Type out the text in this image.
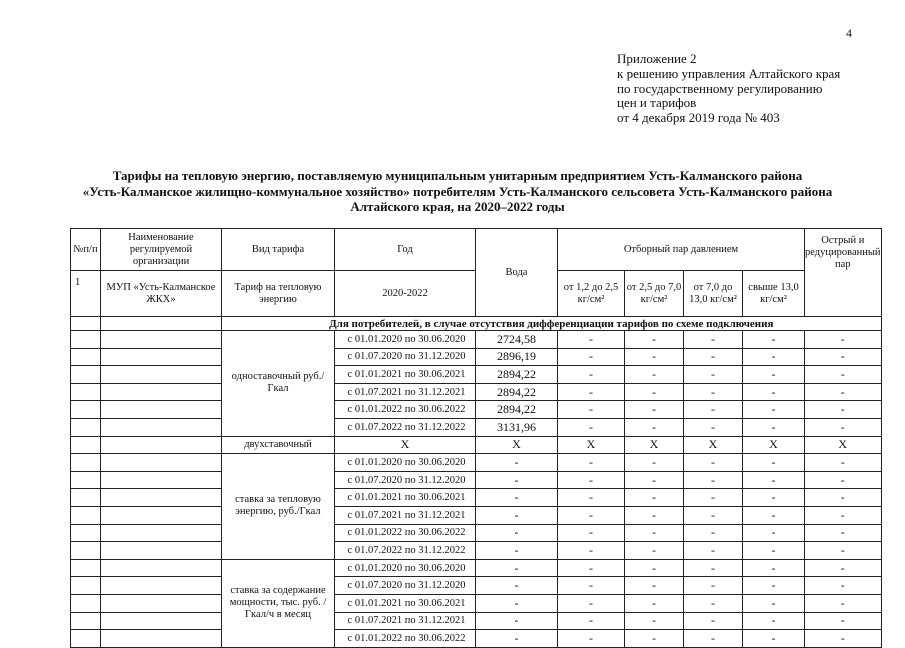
4
Приложение 2
к решению управления Алтайского края
по государственному регулированию
цен и тарифов
от 4 декабря 2019 года № 403
Тарифы на тепловую энергию, поставляемую муниципальным унитарным предприятием Усть-Калманского района
«Усть-Калманское жилищно-коммунальное хозяйство» потребителям Усть-Калманского сельсовета Усть-Калманского района
Алтайского края, на 2020–2022 годы
№п/п	Наименование регулируемой организации	Вид тарифа	Год	Вода	Отборный пар давлением				Острый и редуцированный пар
1	МУП «Усть-Калманское ЖКХ»	Тариф на тепловую энергию	2020-2022		от 1,2 до 2,5 кг/см²	от 2,5 до 7,0 кг/см²	от 7,0 до 13,0 кг/см²	свыше 13,0 кг/см²	
		Для потребителей, в случае отсутствия дифференциации тарифов по схеме подключения							
		одноставочный руб./Гкал	с 01.01.2020 по 30.06.2020	2724,58	-	-	-	-	-
			с 01.07.2020 по 31.12.2020	2896,19	-	-	-	-	-
			с 01.01.2021 по 30.06.2021	2894,22	-	-	-	-	-
			с 01.07.2021 по 31.12.2021	2894,22	-	-	-	-	-
			с 01.01.2022 по 30.06.2022	2894,22	-	-	-	-	-
			с 01.07.2022 по 31.12.2022	3131,96	-	-	-	-	-
		двухставочный	Х	Х	Х	Х	Х	Х	Х
		ставка за тепловую энергию, руб./Гкал	с 01.01.2020 по 30.06.2020	-	-	-	-	-	-
			с 01.07.2020 по 31.12.2020	-	-	-	-	-	-
			с 01.01.2021 по 30.06.2021	-	-	-	-	-	-
			с 01.07.2021 по 31.12.2021	-	-	-	-	-	-
			с 01.01.2022 по 30.06.2022	-	-	-	-	-	-
			с 01.07.2022 по 31.12.2022	-	-	-	-	-	-
		ставка за содержание мощности, тыс. руб. /Гкал/ч в месяц	с 01.01.2020 по 30.06.2020	-	-	-	-	-	-
			с 01.07.2020 по 31.12.2020	-	-	-	-	-	-
			с 01.01.2021 по 30.06.2021	-	-	-	-	-	-
			с 01.07.2021 по 31.12.2021	-	-	-	-	-	-
			с 01.01.2022 по 30.06.2022	-	-	-	-	-	-
